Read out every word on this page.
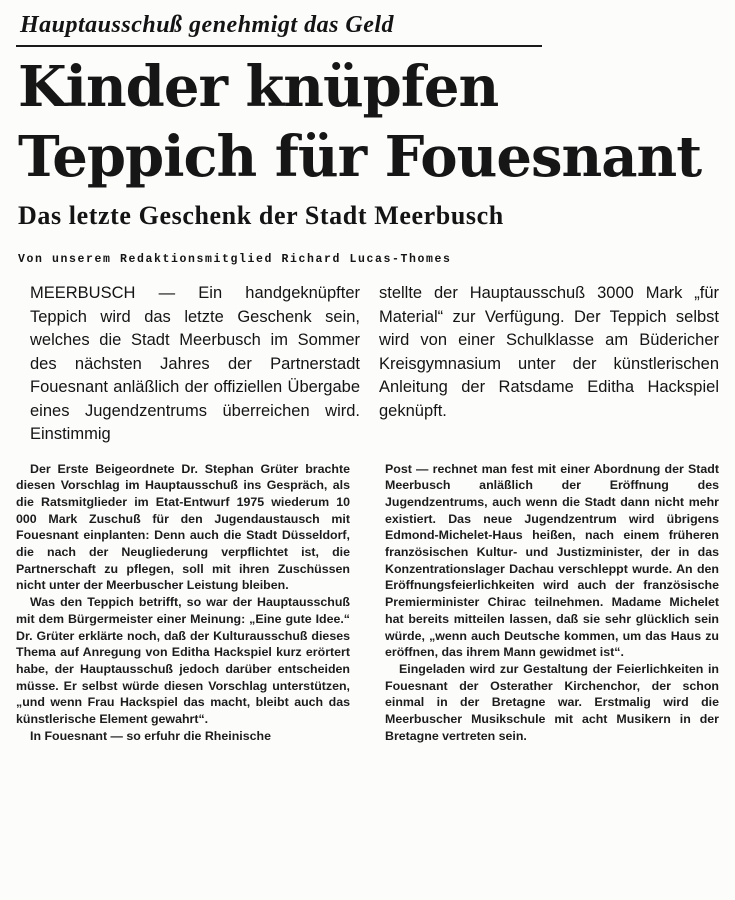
Hauptausschuß genehmigt das Geld
Kinder knüpfen
Teppich für Fouesnant
Das letzte Geschenk der Stadt Meerbusch
Von unserem Redaktionsmitglied Richard Lucas-Thomes
MEERBUSCH — Ein handgeknüpfter Teppich wird das letzte Geschenk sein, welches die Stadt Meerbusch im Sommer des nächsten Jahres der Partnerstadt Fouesnant anläßlich der offiziellen Übergabe eines Jugendzentrums überreichen wird. Einstimmig
stellte der Hauptausschuß 3000 Mark „für Material“ zur Verfügung. Der Teppich selbst wird von einer Schulklasse am Büdericher Kreisgymnasium unter der künstlerischen Anleitung der Ratsdame Editha Hackspiel geknüpft.

Der Erste Beigeordnete Dr. Stephan Grüter brachte diesen Vorschlag im Hauptausschuß ins Gespräch, als die Ratsmitglieder im Etat-Entwurf 1975 wiederum 10 000 Mark Zuschuß für den Jugendaustausch mit Fouesnant einplanten: Denn auch die Stadt Düsseldorf, die nach der Neugliederung verpflichtet ist, die Partnerschaft zu pflegen, soll mit ihren Zuschüssen nicht unter der Meerbuscher Leistung bleiben.

Was den Teppich betrifft, so war der Hauptausschuß mit dem Bürgermeister einer Meinung: „Eine gute Idee.“ Dr. Grüter erklärte noch, daß der Kulturausschuß dieses Thema auf Anregung von Editha Hackspiel kurz erörtert habe, der Hauptausschuß jedoch darüber entscheiden müsse. Er selbst würde diesen Vorschlag unterstützen, „und wenn Frau Hackspiel das macht, bleibt auch das künstlerische Element gewahrt“.

In Fouesnant — so erfuhr die Rheinische

Post — rechnet man fest mit einer Abordnung der Stadt Meerbusch anläßlich der Eröffnung des Jugendzentrums, auch wenn die Stadt dann nicht mehr existiert. Das neue Jugendzentrum wird übrigens Edmond-Michelet-Haus heißen, nach einem früheren französischen Kultur- und Justizminister, der in das Konzentrationslager Dachau verschleppt wurde. An den Eröffnungsfeierlichkeiten wird auch der französische Premierminister Chirac teilnehmen. Madame Michelet hat bereits mitteilen lassen, daß sie sehr glücklich sein würde, „wenn auch Deutsche kommen, um das Haus zu eröffnen, das ihrem Mann gewidmet ist“.

Eingeladen wird zur Gestaltung der Feierlichkeiten in Fouesnant der Osterather Kirchenchor, der schon einmal in der Bretagne war. Erstmalig wird die Meerbuscher Musikschule mit acht Musikern in der Bretagne vertreten sein.
